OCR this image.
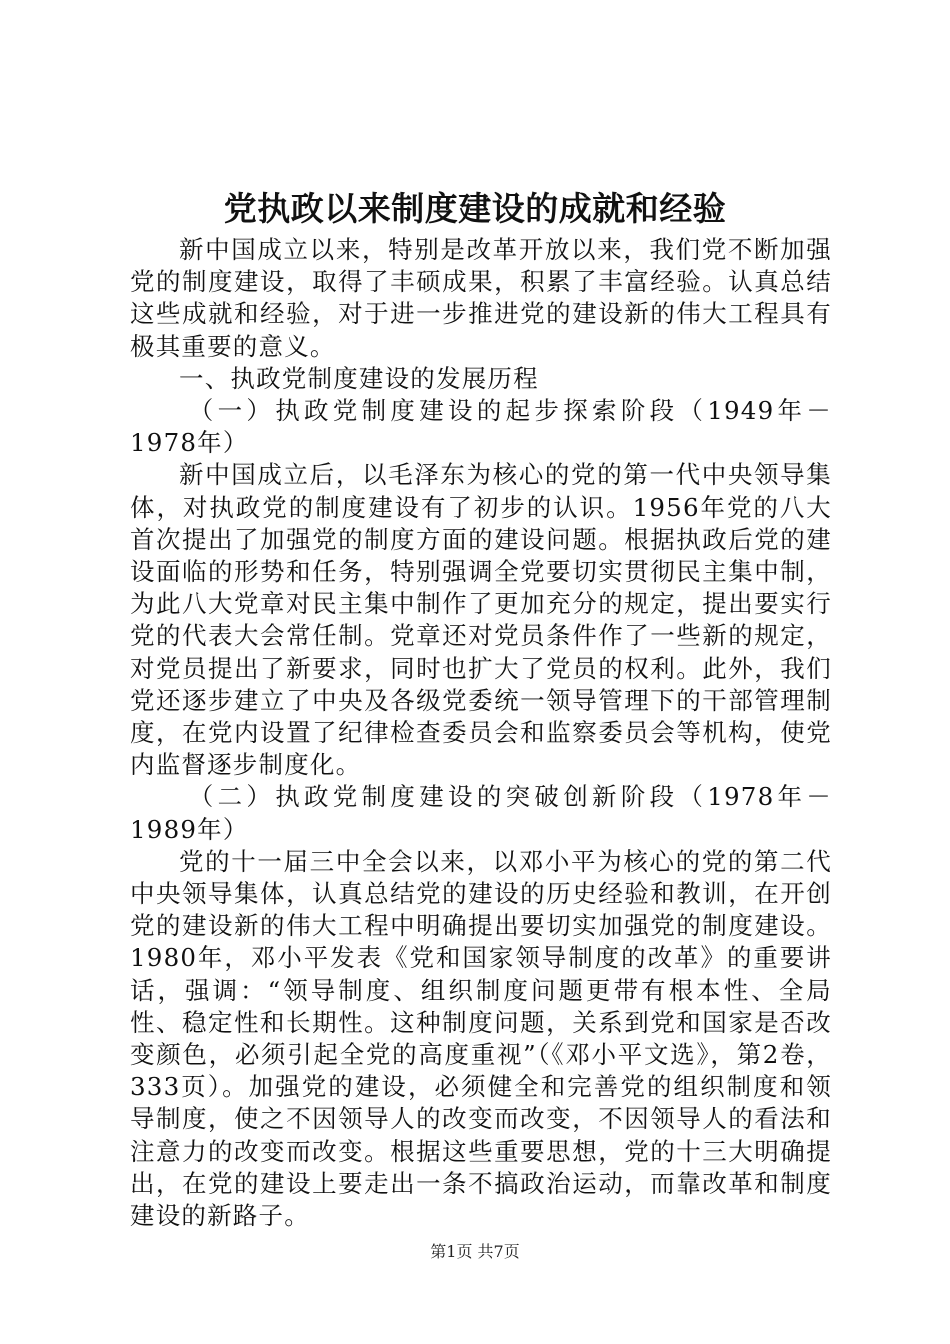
党执政以来制度建设的成就和经验

新中国成立以来，特别是改革开放以来，我们党不断加强党的制度建设，取得了丰硕成果，积累了丰富经验。认真总结这些成就和经验，对于进一步推进党的建设新的伟大工程具有极其重要的意义。

一、执政党制度建设的发展历程

（一）执政党制度建设的起步探索阶段（1949年－1978年）

新中国成立后，以毛泽东为核心的党的第一代中央领导集体，对执政党的制度建设有了初步的认识。1956年党的八大首次提出了加强党的制度方面的建设问题。根据执政后党的建设面临的形势和任务，特别强调全党要切实贯彻民主集中制，为此八大党章对民主集中制作了更加充分的规定，提出要实行党的代表大会常任制。党章还对党员条件作了一些新的规定，对党员提出了新要求，同时也扩大了党员的权利。此外，我们党还逐步建立了中央及各级党委统一领导管理下的干部管理制度，在党内设置了纪律检查委员会和监察委员会等机构，使党内监督逐步制度化。

（二）执政党制度建设的突破创新阶段（1978年－1989年）

党的十一届三中全会以来，以邓小平为核心的党的第二代中央领导集体，认真总结党的建设的历史经验和教训，在开创党的建设新的伟大工程中明确提出要切实加强党的制度建设。1980年，邓小平发表《党和国家领导制度的改革》的重要讲话，强调：“领导制度、组织制度问题更带有根本性、全局性、稳定性和长期性。这种制度问题，关系到党和国家是否改变颜色，必须引起全党的高度重视”（《邓小平文选》，第2卷，333页）。加强党的建设，必须健全和完善党的组织制度和领导制度，使之不因领导人的改变而改变，不因领导人的看法和注意力的改变而改变。根据这些重要思想，党的十三大明确提出，在党的建设上要走出一条不搞政治运动，而靠改革和制度建设的新路子。

第1页 共7页
